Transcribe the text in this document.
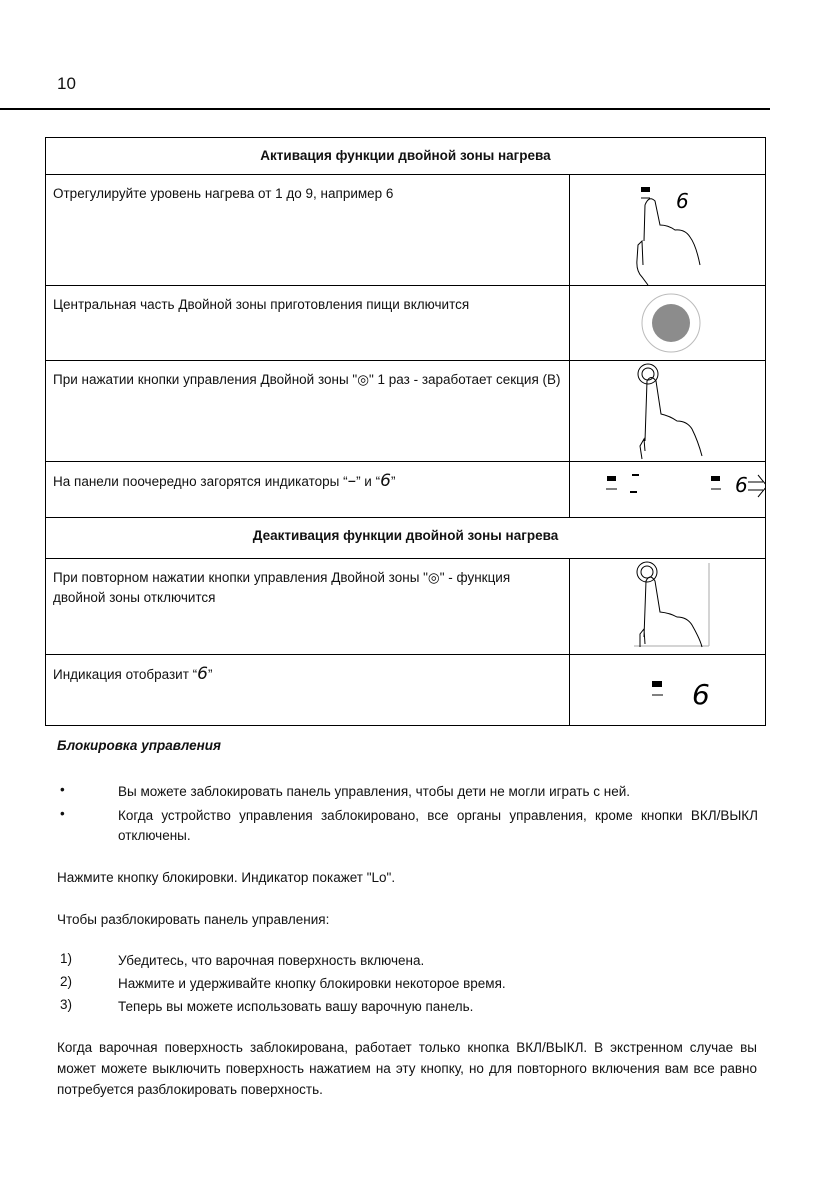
10
Активация функции двойной зоны нагрева	
Отрегулируйте уровень нагрева от 1 до 9, например 6	6

Центральная часть Двойной зоны приготовления пищи включится	

При нажатии кнопки управления Двойной зоны "◎" 1 раз - заработает секция (B)	

На панели поочередно загорятся индикаторы “–” и “6”	6

Деактивация функции двойной зоны нагрева	
При повторном нажатии кнопки управления Двойной зоны "◎" - функция двойной зоны отключится	

Индикация отобразит “6”	6
Блокировка управления
•	Вы можете заблокировать панель управления, чтобы дети не могли играть с ней.
•	Когда устройство управления заблокировано, все органы управления, кроме кнопки ВКЛ/ВЫКЛ отключены.
Нажмите кнопку блокировки. Индикатор покажет "Lo".
Чтобы разблокировать панель управления:
1)	Убедитесь, что варочная поверхность включена.
2)	Нажмите и удерживайте кнопку блокировки некоторое время.
3)	Теперь вы можете использовать вашу варочную панель.
Когда варочная поверхность заблокирована, работает только кнопка ВКЛ/ВЫКЛ. В экстренном случае вы может можете выключить поверхность нажатием на эту кнопку, но для повторного включения вам все равно потребуется разблокировать поверхность.
